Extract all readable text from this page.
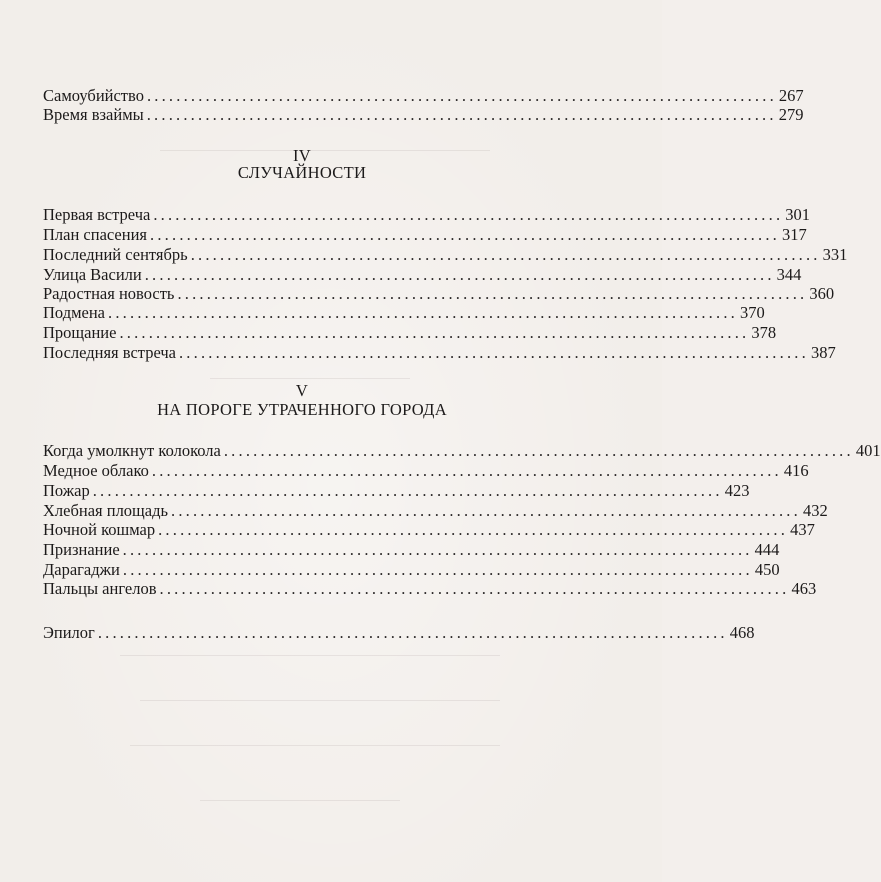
Самоубийство ...................................................................................... 267
Время взаймы ...................................................................................... 279
IV
СЛУЧАЙНОСТИ
Первая встреча ...................................................................................... 301
План спасения ...................................................................................... 317
Последний сентябрь ...................................................................................... 331
Улица Васили ...................................................................................... 344
Радостная новость ...................................................................................... 360
Подмена ...................................................................................... 370
Прощание ...................................................................................... 378
Последняя встреча ...................................................................................... 387
V
НА ПОРОГЕ УТРАЧЕННОГО ГОРОДА
Когда умолкнут колокола ...................................................................................... 401
Медное облако ...................................................................................... 416
Пожар ...................................................................................... 423
Хлебная площадь ...................................................................................... 432
Ночной кошмар ...................................................................................... 437
Признание ...................................................................................... 444
Дарагаджи ...................................................................................... 450
Пальцы ангелов ...................................................................................... 463
Эпилог ...................................................................................... 468
